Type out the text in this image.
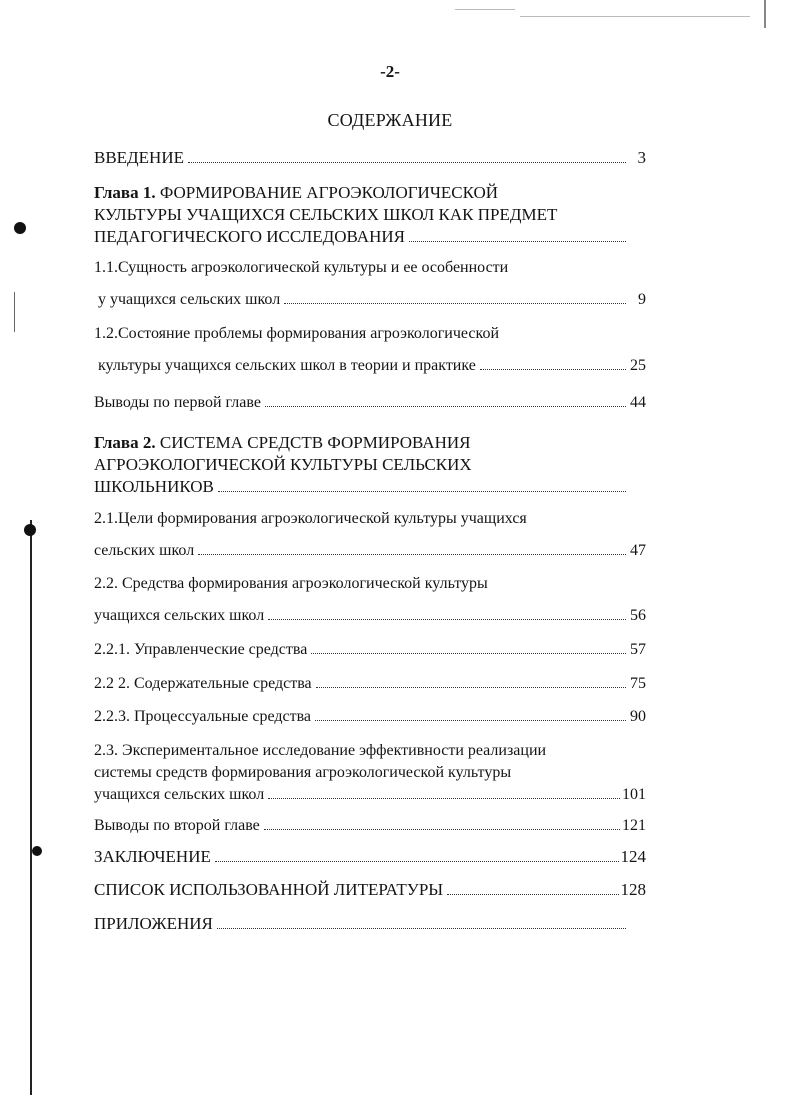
-2-
СОДЕРЖАНИЕ
ВВЕДЕНИЕ	3
Глава 1. ФОРМИРОВАНИЕ АГРОЭКОЛОГИЧЕСКОЙ
КУЛЬТУРЫ УЧАЩИХСЯ СЕЛЬСКИХ ШКОЛ КАК ПРЕДМЕТ
ПЕДАГОГИЧЕСКОГО ИССЛЕДОВАНИЯ
1.1.Сущность агроэкологической культуры и ее особенности
у учащихся сельских школ	9
1.2.Состояние проблемы формирования агроэкологической
культуры учащихся сельских школ в теории и практике	25
Выводы по первой главе	44
Глава 2. СИСТЕМА СРЕДСТВ ФОРМИРОВАНИЯ
АГРОЭКОЛОГИЧЕСКОЙ КУЛЬТУРЫ СЕЛЬСКИХ
ШКОЛЬНИКОВ
2.1.Цели формирования агроэкологической культуры учащихся
сельских школ	47
2.2. Средства формирования агроэкологической культуры
учащихся сельских школ	56
2.2.1. Управленческие средства	57
2.2 2. Содержательные средства	75
2.2.3. Процессуальные средства	90
2.3. Экспериментальное исследование эффективности реализации
системы средств формирования агроэкологической культуры
учащихся сельских школ	101
Выводы по второй главе	121
ЗАКЛЮЧЕНИЕ	124
СПИСОК ИСПОЛЬЗОВАННОЙ ЛИТЕРАТУРЫ	128
ПРИЛОЖЕНИЯ
